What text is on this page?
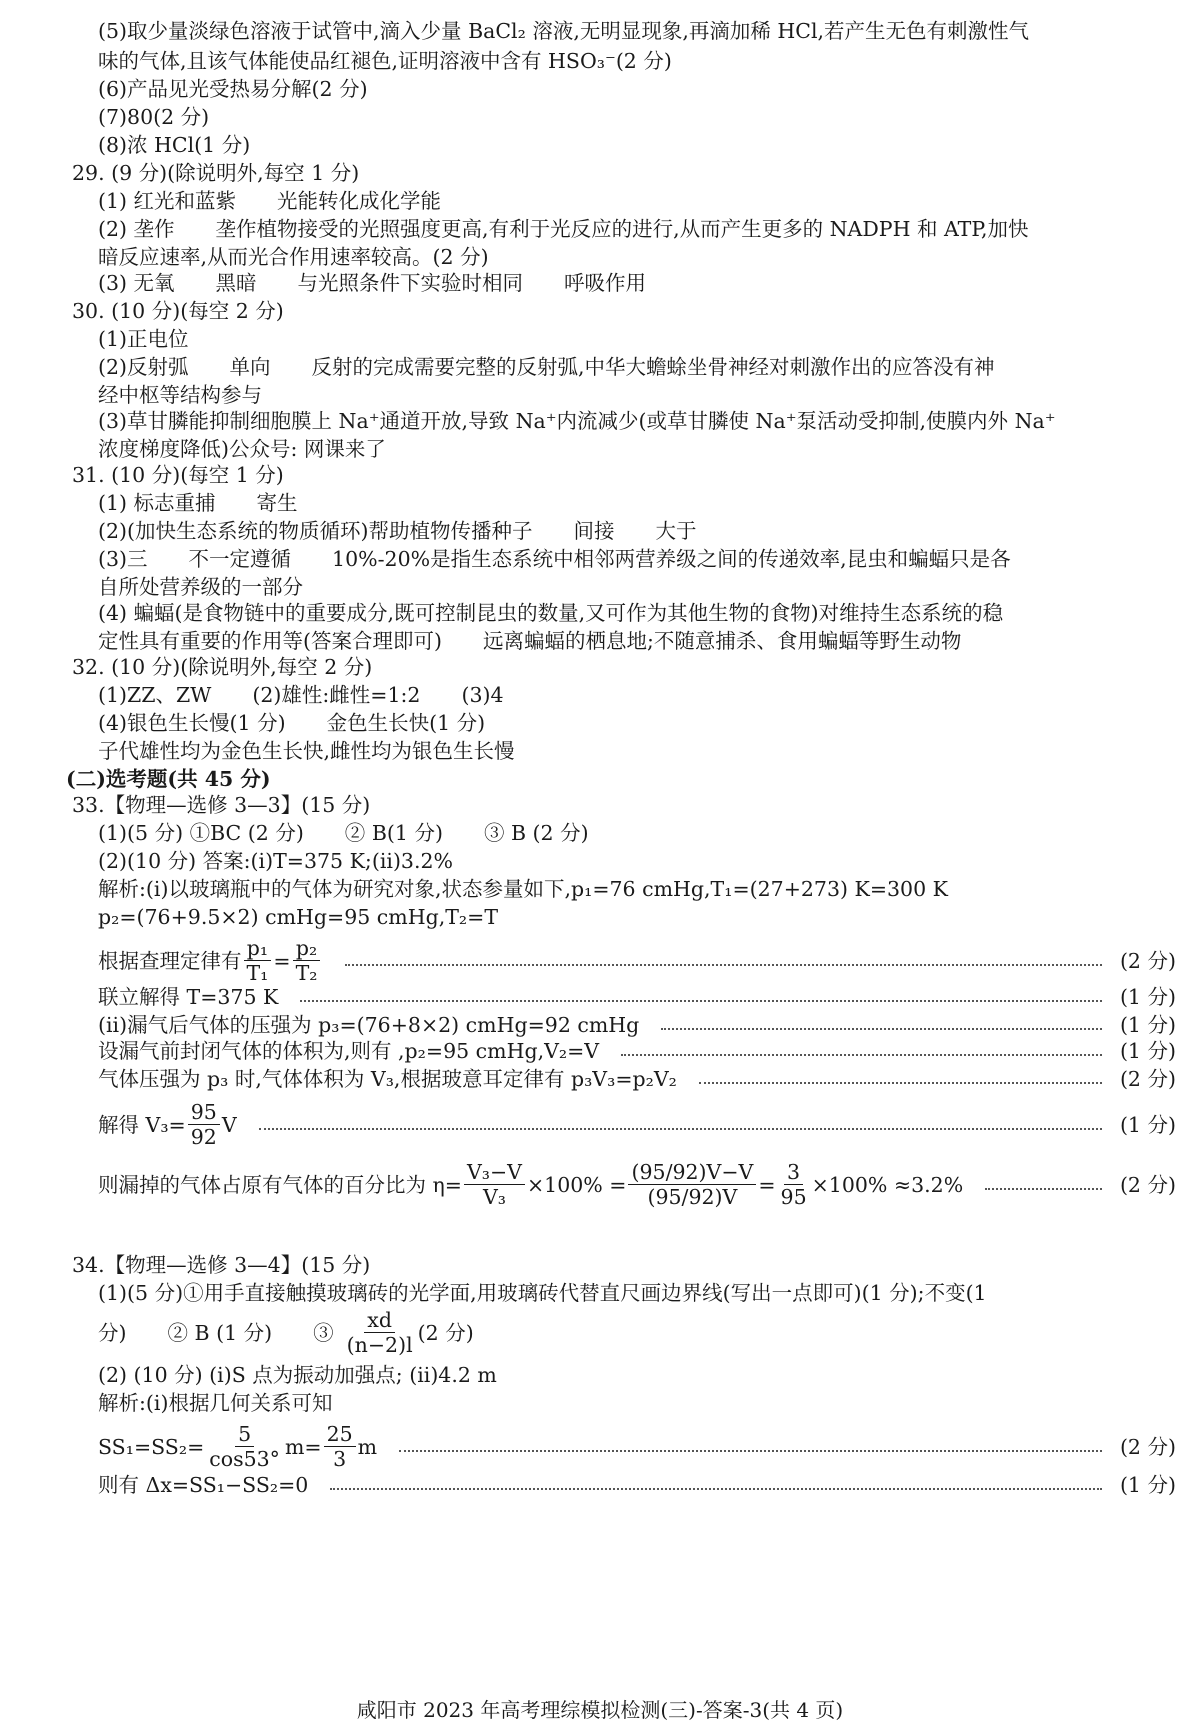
(5)取少量淡绿色溶液于试管中,滴入少量 BaCl₂ 溶液,无明显现象,再滴加稀 HCl,若产生无色有刺激性气
味的气体,且该气体能使品红褪色,证明溶液中含有 HSO₃⁻(2 分)
(6)产品见光受热易分解(2 分)
(7)80(2 分)
(8)浓 HCl(1 分)
29. (9 分)(除说明外,每空 1 分)
(1) 红光和蓝紫　　光能转化成化学能
(2) 垄作　　垄作植物接受的光照强度更高,有利于光反应的进行,从而产生更多的 NADPH 和 ATP,加快
暗反应速率,从而光合作用速率较高。(2 分)
(3) 无氧　　黑暗　　与光照条件下实验时相同　　呼吸作用
30. (10 分)(每空 2 分)
(1)正电位
(2)反射弧　　单向　　反射的完成需要完整的反射弧,中华大蟾蜍坐骨神经对刺激作出的应答没有神
经中枢等结构参与
(3)草甘膦能抑制细胞膜上 Na⁺通道开放,导致 Na⁺内流减少(或草甘膦使 Na⁺泵活动受抑制,使膜内外 Na⁺
浓度梯度降低)公众号: 网课来了
31. (10 分)(每空 1 分)
(1) 标志重捕　　寄生
(2)(加快生态系统的物质循环)帮助植物传播种子　　间接　　大于
(3)三　　不一定遵循　　10%-20%是指生态系统中相邻两营养级之间的传递效率,昆虫和蝙蝠只是各
自所处营养级的一部分
(4) 蝙蝠(是食物链中的重要成分,既可控制昆虫的数量,又可作为其他生物的食物)对维持生态系统的稳
定性具有重要的作用等(答案合理即可)　　远离蝙蝠的栖息地;不随意捕杀、食用蝙蝠等野生动物
32. (10 分)(除说明外,每空 2 分)
(1)ZZ、ZW　　(2)雄性:雌性=1:2　　(3)4
(4)银色生长慢(1 分)　　金色生长快(1 分)
子代雄性均为金色生长快,雌性均为银色生长慢
(二)选考题(共 45 分)
33.【物理—选修 3—3】(15 分)
(1)(5 分) ①BC (2 分)　　② B(1 分)　　③ B (2 分)
(2)(10 分) 答案:(i)T=375 K;(ii)3.2%
解析:(i)以玻璃瓶中的气体为研究对象,状态参量如下,p₁=76 cmHg,T₁=(27+273) K=300 K
p₂=(76+9.5×2) cmHg=95 cmHg,T₂=T
根据查理定律有 $\frac{\text{p₁}}{\text{T₁}} = \frac{\text{p₂}}{\text{T₂}}$	(2 分)
联立解得 T=375 K	(1 分)
(ii)漏气后气体的压强为 p₃=(76+8×2) cmHg=92 cmHg	(1 分)
设漏气前封闭气体的体积为,则有 ,p₂=95 cmHg,V₂=V	(1 分)
气体压强为 p₃ 时,气体体积为 V₃,根据玻意耳定律有 p₃V₃=p₂V₂	(2 分)
解得 $V_3= \frac{95}{92}$ V	(1 分)
则漏掉的气体占原有气体的百分比为 $\eta= \frac{\text{V₃−V}}{\text{V₃}} \times 100\% = \frac{(95/92)V-V}{(95/92)V} = \frac{3}{95} \times 100\% \approx 3.2\%$	(2 分)
34.【物理—选修 3—4】(15 分)
(1)(5 分)①用手直接触摸玻璃砖的光学面,用玻璃砖代替直尺画边界线(写出一点即可)(1 分);不变(1
分)　　② B (1 分)　　③ $\frac{xd}{(n-2)l} (2$ 分)
(2) (10 分) (i)S 点为振动加强点; (ii)4.2 m
解析:(i)根据几何关系可知
$SS_1=SS_2= \frac{5}{\cos 53^\circ} m= \frac{25}{3}$ m	(2 分)
则有 Δx=SS₁−SS₂=0	(1 分)
咸阳市 2023 年高考理综模拟检测(三)-答案-3(共 4 页)
